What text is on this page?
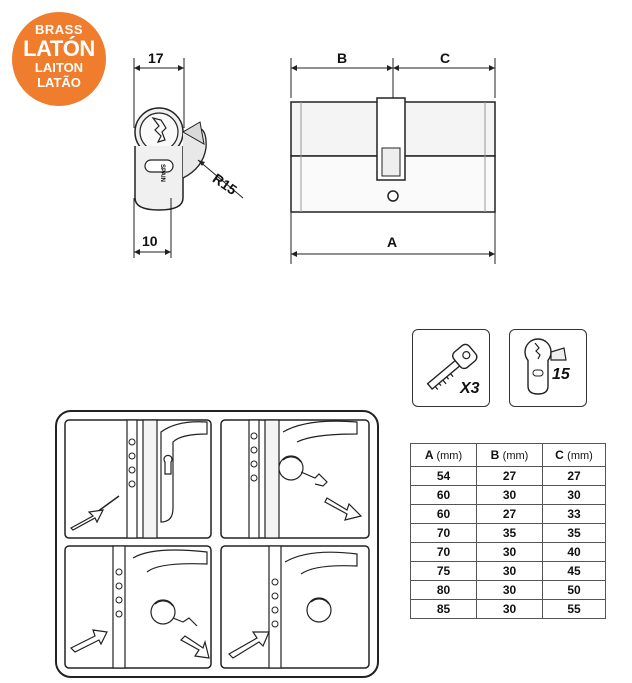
BRASS
LATÓN
LAITON
LATÃO
17
10
R15
SPAIN
B	C
A
X3
15
A (mm)	B (mm)	C (mm)
54	27	27
60	30	30
60	27	33
70	35	35
70	30	40
75	30	45
80	30	50
85	30	55
